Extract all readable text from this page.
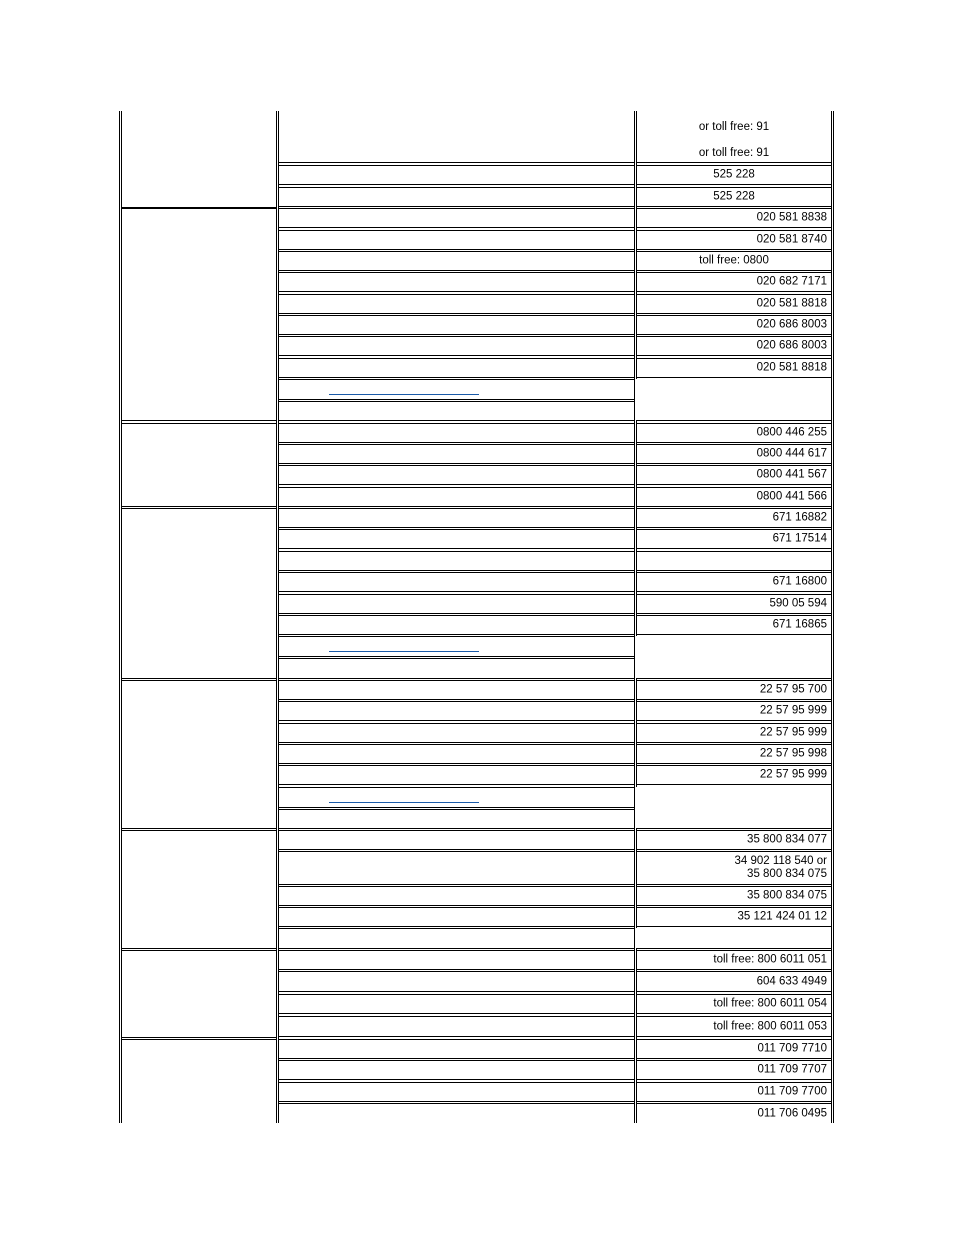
or toll free: 91
or toll free: 91
525 228
525 228
020 581 8838
020 581 8740
toll free: 0800
020 682 7171
020 581 8818
020 686 8003
020 686 8003
020 581 8818
0800 446 255
0800 444 617
0800 441 567
0800 441 566
671 16882
671 17514
671 16800
590 05 594
671 16865
22 57 95 700
22 57 95 999
22 57 95 999
22 57 95 998
22 57 95 999
35 800 834 077
34 902 118 540 or
35 800 834 075
35 800 834 075
35 121 424 01 12
toll free: 800 6011 051
604 633 4949
toll free: 800 6011 054
toll free: 800 6011 053
011 709 7710
011 709 7707
011 709 7700
011 706 0495
